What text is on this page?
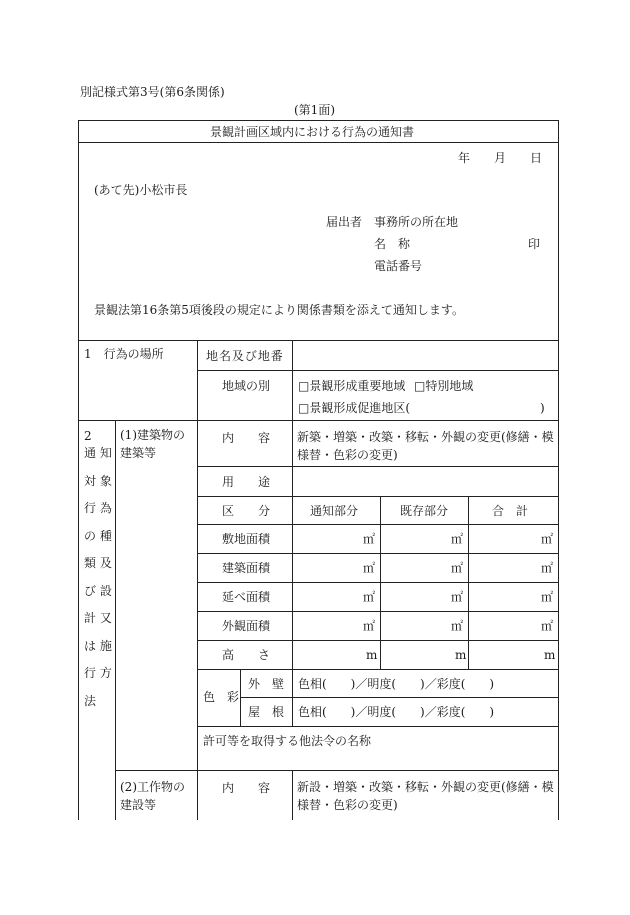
別記様式第3号(第6条関係)
(第1面)
景観計画区域内における行為の通知書
年 月 日
(あて先)小松市長
届出者 事務所の所在地
名　称	印
電話番号
景観法第16条第5項後段の規定により関係書類を添えて通知します。
1　行為の場所	地名及び地番
地域の別 □景観形成重要地域 □特別地域
□景観形成促進地区(	)
2
通 知
対 象
行 為
の 種
類 及
び 設
計 又
は 施
行 方
法
(1)建築物の建築等
内　　容 新築・増築・改築・移転・外観の変更(修繕・模様替・色彩の変更)
用　　途
区　　分	通知部分	既存部分	合　計
敷地面積	㎡	㎡	㎡
建築面積	㎡	㎡	㎡
延べ面積	㎡	㎡	㎡
外観面積	㎡	㎡	㎡
高　　さ	m	m	m
色　彩
外　壁 色相(　　)／明度(　　)／彩度(　　)
屋　根 色相(　　)／明度(　　)／彩度(　　)
許可等を取得する他法令の名称
(2)工作物の建設等
内　　容 新設・増築・改築・移転・外観の変更(修繕・模様替・色彩の変更)
